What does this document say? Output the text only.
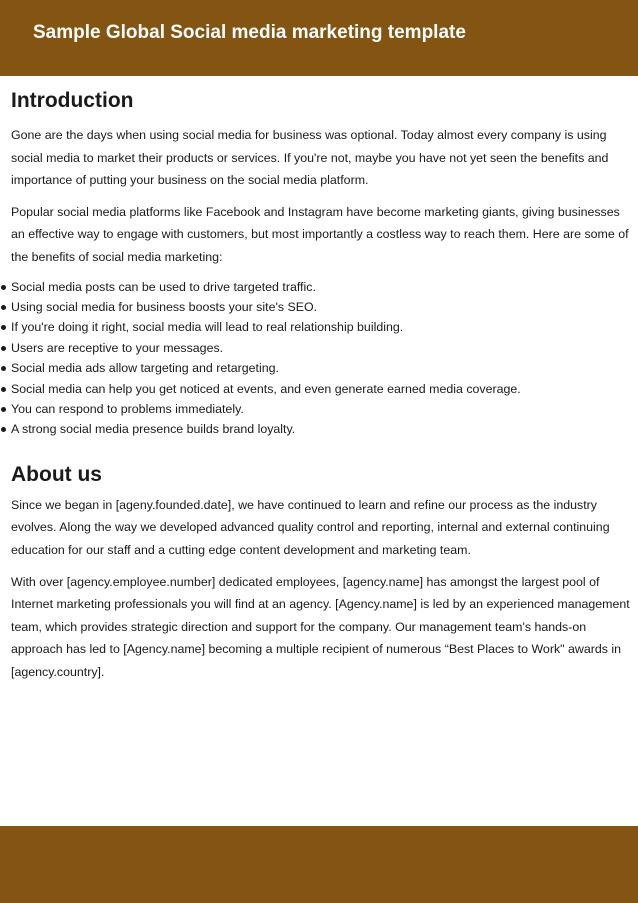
Sample Global Social media marketing template
Introduction

Gone are the days when using social media for business was optional. Today almost every company is using social media to market their products or services. If you're not, maybe you have not yet seen the benefits and importance of putting your business on the social media platform.

Popular social media platforms like Facebook and Instagram have become marketing giants, giving businesses an effective way to engage with customers, but most importantly a costless way to reach them. Here are some of the benefits of social media marketing:

Social media posts can be used to drive targeted traffic.
Using social media for business boosts your site's SEO.
If you're doing it right, social media will lead to real relationship building.
Users are receptive to your messages.
Social media ads allow targeting and retargeting.
Social media can help you get noticed at events, and even generate earned media coverage.
You can respond to problems immediately.
A strong social media presence builds brand loyalty.
About us

Since we began in [ageny.founded.date], we have continued to learn and refine our process as the industry evolves. Along the way we developed advanced quality control and reporting, internal and external continuing education for our staff and a cutting edge content development and marketing team.

With over [agency.employee.number] dedicated employees, [agency.name] has amongst the largest pool of Internet marketing professionals you will find at an agency. [Agency.name] is led by an experienced management team, which provides strategic direction and support for the company. Our management team's hands-on approach has led to [Agency.name] becoming a multiple recipient of numerous “Best Places to Work" awards in [agency.country].
